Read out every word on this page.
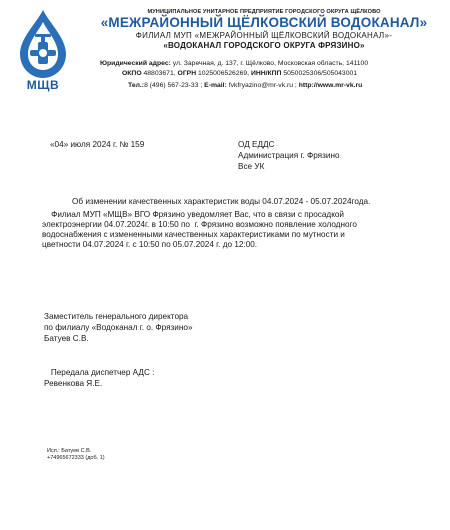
МЩВ
МУНИЦИПАЛЬНОЕ УНИТАРНОЕ ПРЕДПРИЯТИЕ ГОРОДСКОГО ОКРУГА ЩЁЛКОВО
«МЕЖРАЙОННЫЙ ЩЁЛКОВСКИЙ ВОДОКАНАЛ»
ФИЛИАЛ МУП «МЕЖРАЙОННЫЙ ЩЁЛКОВСКИЙ ВОДОКАНАЛ»-
«ВОДОКАНАЛ ГОРОДСКОГО ОКРУГА ФРЯЗИНО»
Юридический адрес: ул. Заречная, д. 137, г. Щёлково, Московская область, 141100
ОКПО 48803671, ОГРН 1025006526269, ИНН/КПП 5050025306/505043001
Тел.:8 (496) 567-23-33 ; E-mail: fvkfryazino@mr-vk.ru ; http://www.mr-vk.ru
«04» июля 2024 г. № 159	ОД ЕДДС
Администрация г. Фрязино
Все УК
Об изменении качественных характеристик воды 04.07.2024 - 05.07.2024года.

Филиал МУП «МЩВ» ВГО Фрязино уведомляет Вас, что в связи с просадкой

электроэнергии 04.07.2024г. в 10:50 по  г. Фрязино возможно появление холодного

водоснабжения с измененными качественных характеристиками по мутности и

цветности 04.07.2024 г. с 10:50 по 05.07.2024 г. до 12:00.

Заместитель генерального директора
по филиалу «Водоканал г. о. Фрязино»
Батуев С.В.
Передала диспетчер АДС :
Ревенкова Я.Е.
Исп.: Батуев С.В.
+74965672333 (доб. 1)
